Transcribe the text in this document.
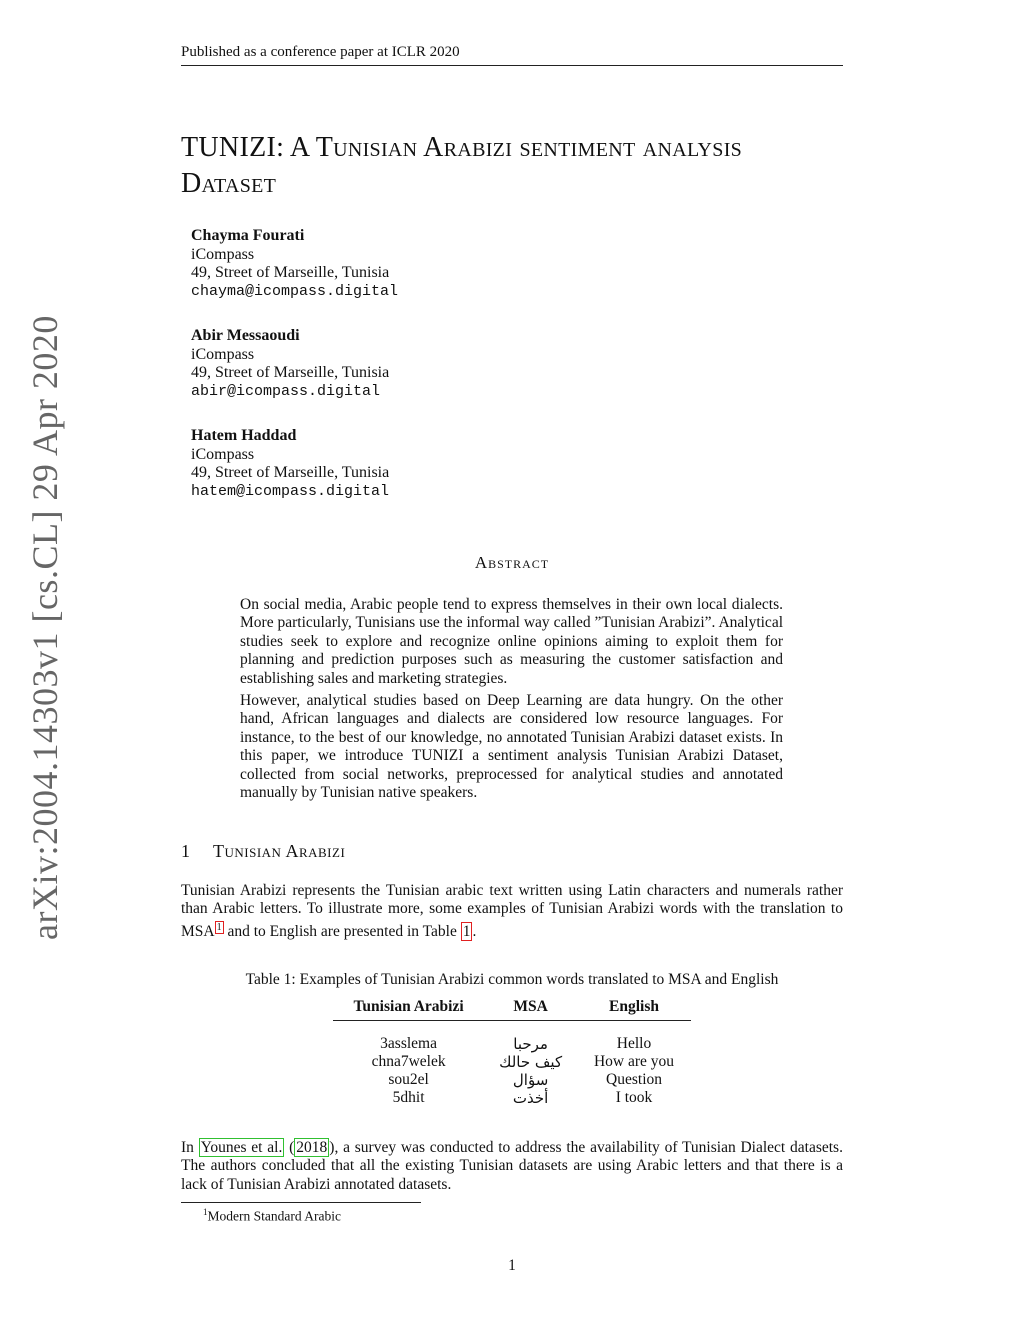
Published as a conference paper at ICLR 2020
arXiv:2004.14303v1 [cs.CL] 29 Apr 2020
TUNIZI: A Tunisian Arabizi sentiment analysis
Dataset
Chayma Fourati
iCompass
49, Street of Marseille, Tunisia
chayma@icompass.digital
Abir Messaoudi
iCompass
49, Street of Marseille, Tunisia
abir@icompass.digital
Hatem Haddad
iCompass
49, Street of Marseille, Tunisia
hatem@icompass.digital
Abstract

On social media, Arabic people tend to express themselves in their own local dialects. More particularly, Tunisians use the informal way called ”Tunisian Arabizi”. Analytical studies seek to explore and recognize online opinions aiming to exploit them for planning and prediction purposes such as measuring the customer satisfaction and establishing sales and marketing strategies.

However, analytical studies based on Deep Learning are data hungry. On the other hand, African languages and dialects are considered low resource languages. For instance, to the best of our knowledge, no annotated Tunisian Arabizi dataset exists. In this paper, we introduce TUNIZI a sentiment analysis Tunisian Arabizi Dataset, collected from social networks, preprocessed for analytical studies and annotated manually by Tunisian native speakers.

1 Tunisian Arabizi
Tunisian Arabizi represents the Tunisian arabic text written using Latin characters and numerals rather than Arabic letters. To illustrate more, some examples of Tunisian Arabizi words with the translation to MSA $^1$ and to English are presented in Table 1 .
Table 1: Examples of Tunisian Arabizi common words translated to MSA and English
Tunisian Arabizi	MSA	English

3asslema	مرحبا	Hello
chna7welek	كيف حالك	How are you
sou2el	سؤال	Question
5dhit	أخذت	I took
In Younes et al. ( 2018 ), a survey was conducted to address the availability of Tunisian Dialect datasets. The authors concluded that all the existing Tunisian datasets are using Arabic letters and that there is a lack of Tunisian Arabizi annotated datasets.
$^1$Modern Standard Arabic
1
